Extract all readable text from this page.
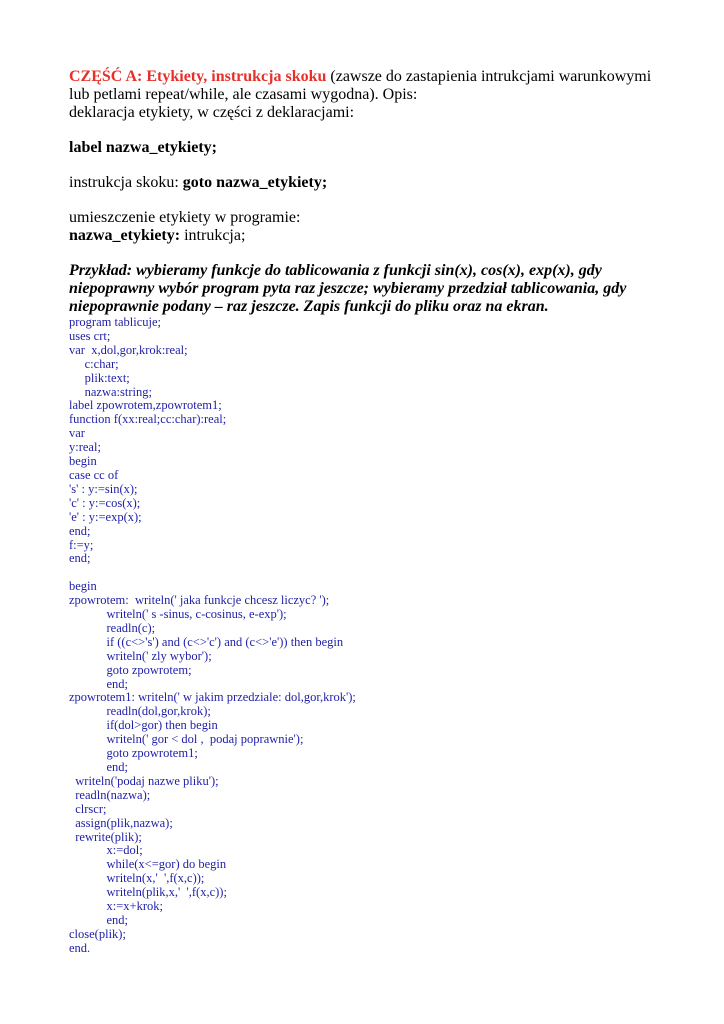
CZĘŚĆ A: Etykiety, instrukcja skoku (zawsze do zastapienia intrukcjami warunkowymi lub petlami repeat/while, ale czasami wygodna). Opis:

deklaracja etykiety, w części z deklaracjami:

label nazwa_etykiety;

instrukcja skoku: goto nazwa_etykiety;

umieszczenie etykiety w programie:

nazwa_etykiety: intrukcja;

Przykład: wybieramy funkcje do tablicowania z funkcji sin(x), cos(x), exp(x), gdy niepoprawny wybór program pyta raz jeszcze; wybieramy przedział tablicowania, gdy niepoprawnie podany – raz jeszcze. Zapis funkcji do pliku oraz na ekran.

program tablicuje;
uses crt;
var  x,dol,gor,krok:real;
c:char;
plik:text;
nazwa:string;
label zpowrotem,zpowrotem1;
function f(xx:real;cc:char):real;
var
y:real;
begin
case cc of
's' : y:=sin(x);
'c' : y:=cos(x);
'e' : y:=exp(x);
end;
f:=y;
end;
begin
zpowrotem:  writeln(' jaka funkcje chcesz liczyc? ');
writeln(' s -sinus, c-cosinus, e-exp');
readln(c);
if ((c<>'s') and (c<>'c') and (c<>'e')) then begin
writeln(' zly wybor');
goto zpowrotem;
end;
zpowrotem1: writeln(' w jakim przedziale: dol,gor,krok');
readln(dol,gor,krok);
if(dol>gor) then begin
writeln(' gor < dol ,  podaj poprawnie');
goto zpowrotem1;
end;
writeln('podaj nazwe pliku');
readln(nazwa);
clrscr;
assign(plik,nazwa);
rewrite(plik);
x:=dol;
while(x<=gor) do begin
writeln(x,'  ',f(x,c));
writeln(plik,x,'  ',f(x,c));
x:=x+krok;
end;
close(plik);
end.
